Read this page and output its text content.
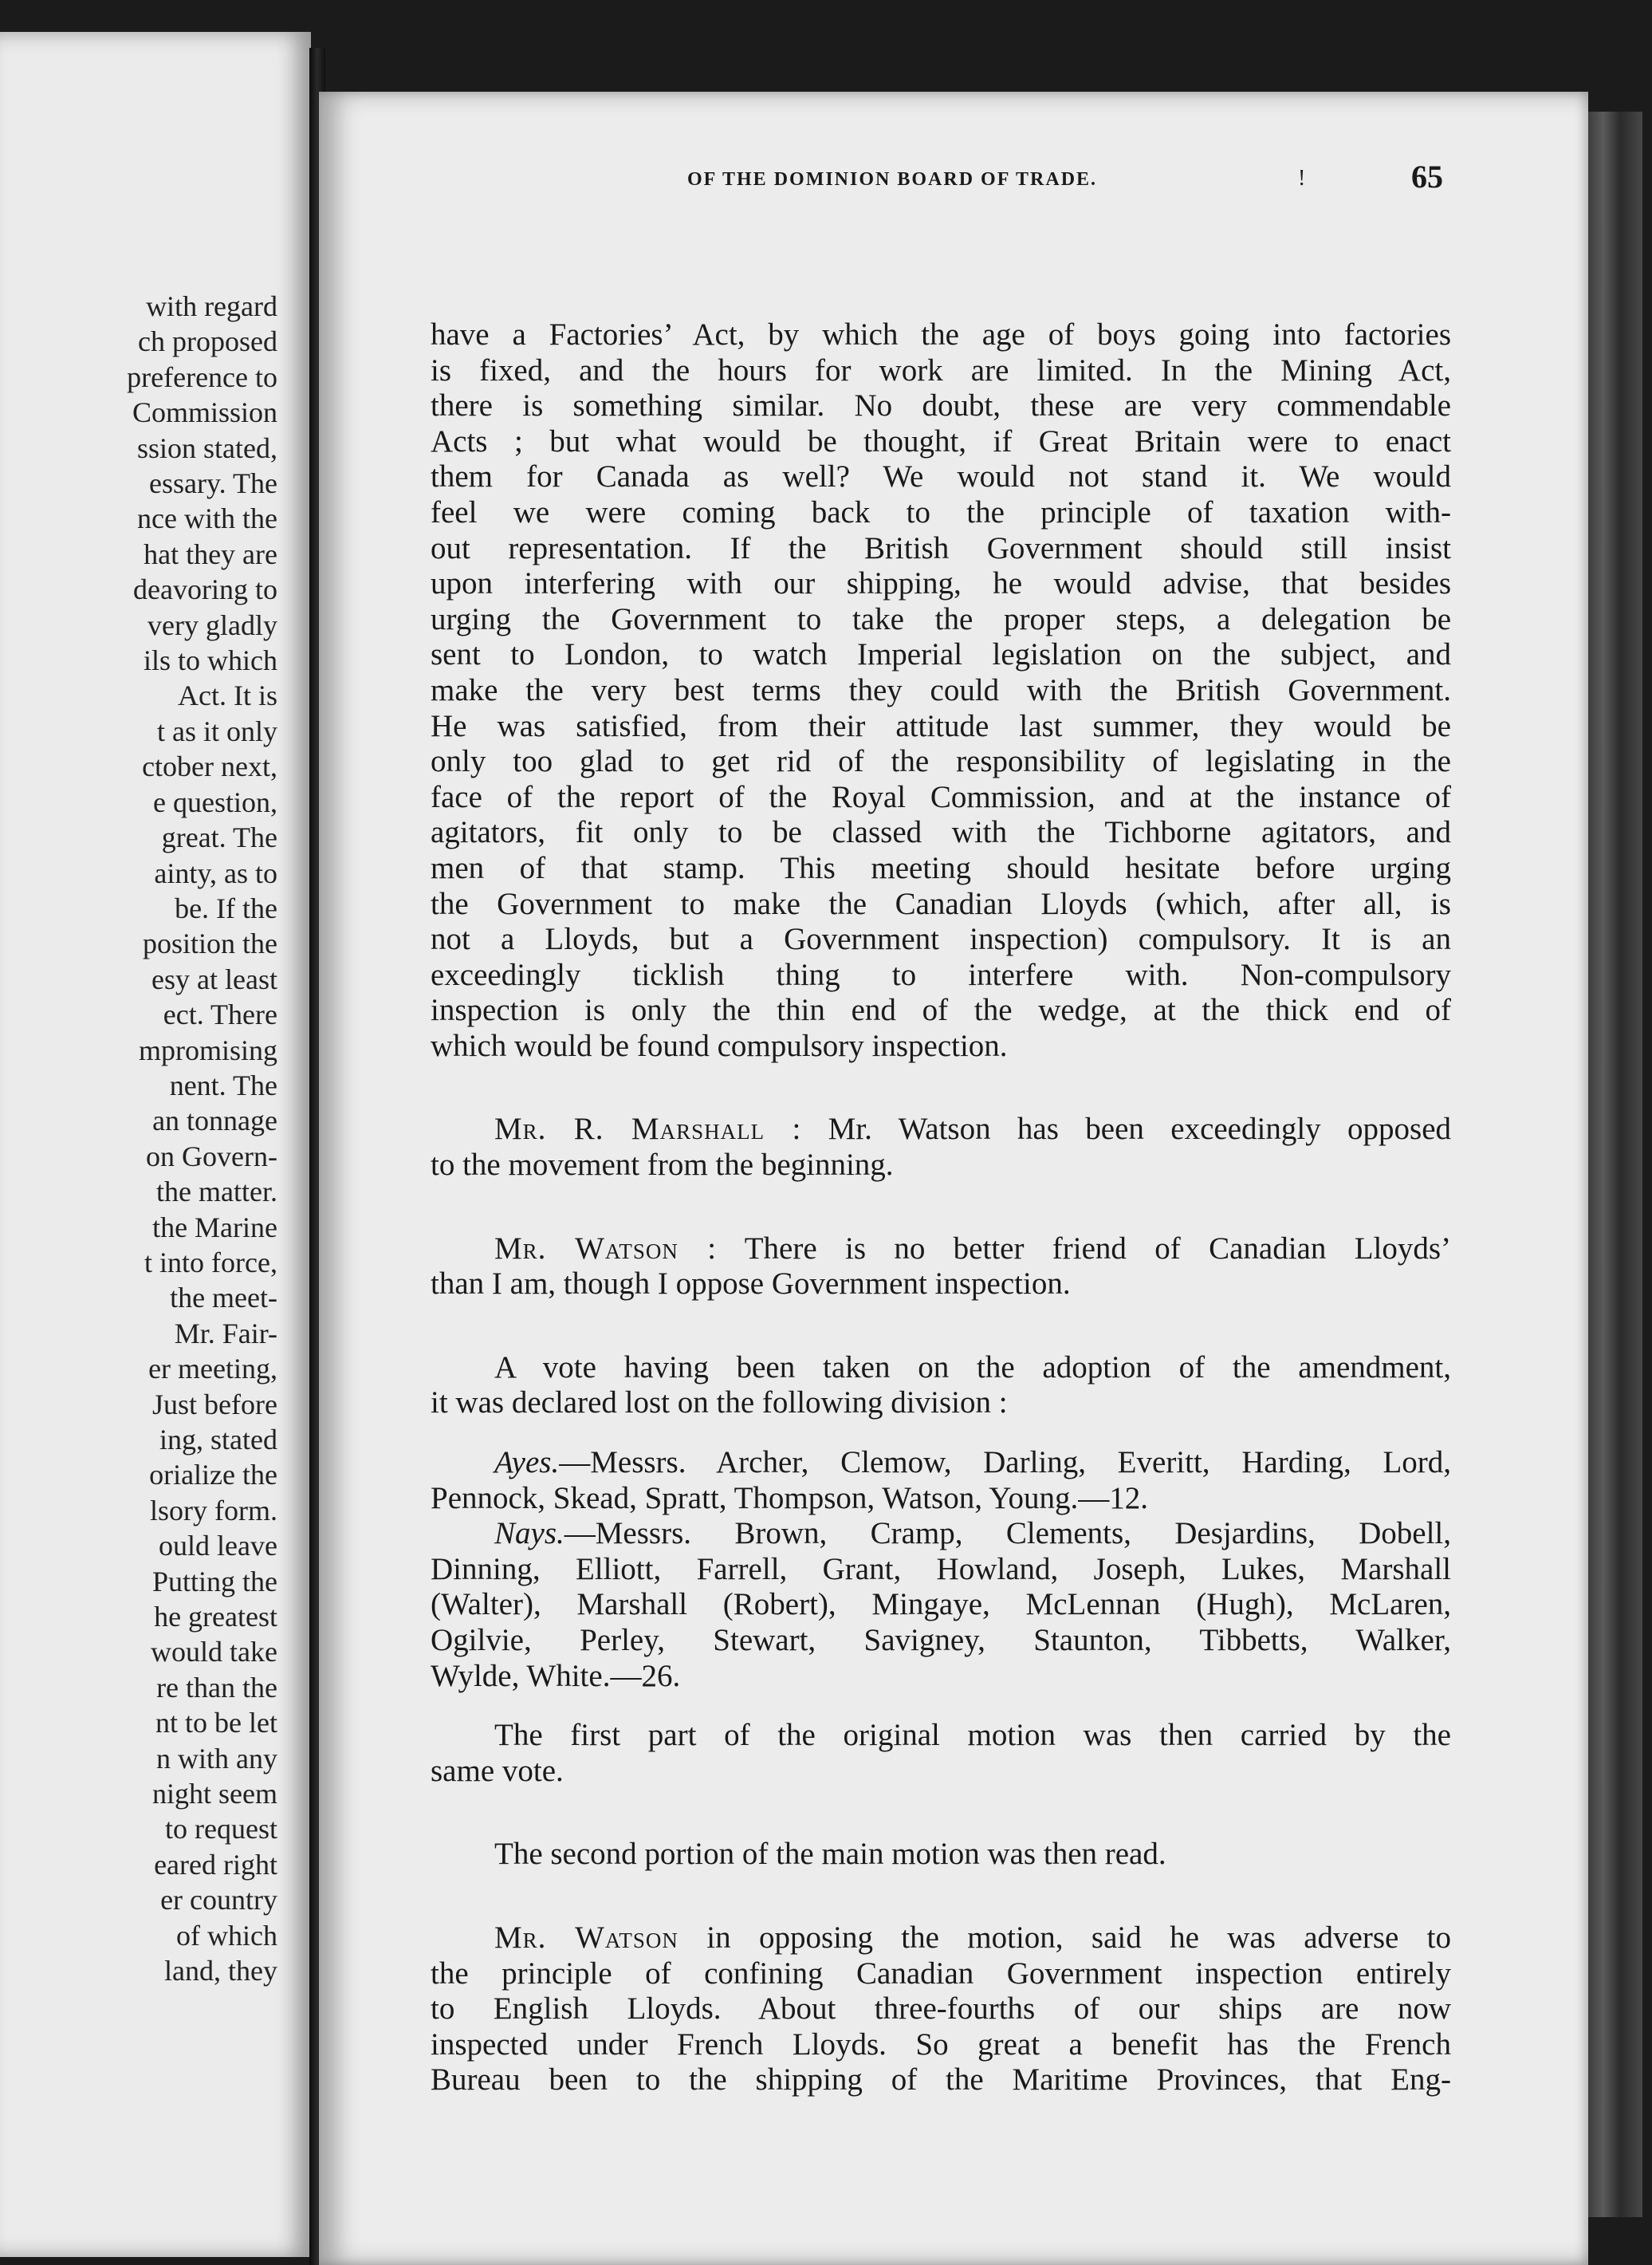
with regard
ch proposed
preference to
Commission
ssion stated,
essary. The
nce with the
hat they are
deavoring to
very gladly
ils to which
Act. It is
t as it only
ctober next,
e question,
great. The
ainty, as to
be. If the
position the
esy at least
ect. There
mpromising
nent. The
an tonnage
on Govern-
the matter.
the Marine
t into force,
the meet-
Mr. Fair-
er meeting,
Just before
ing, stated
orialize the
lsory form.
ould leave
Putting the
he greatest
would take
re than the
nt to be let
n with any
night seem
to request
eared right
er country
of which
land, they
OF THE DOMINION BOARD OF TRADE.	!	65
have a Factories’ Act, by which the age of boys going into factories
is fixed, and the hours for work are limited. In the Mining Act,
there is something similar. No doubt, these are very commendable
Acts ; but what would be thought, if Great Britain were to enact
them for Canada as well? We would not stand it. We would
feel we were coming back to the principle of taxation with-
out representation. If the British Government should still insist
upon interfering with our shipping, he would advise, that besides
urging the Government to take the proper steps, a delegation be
sent to London, to watch Imperial legislation on the subject, and
make the very best terms they could with the British Government.
He was satisfied, from their attitude last summer, they would be
only too glad to get rid of the responsibility of legislating in the
face of the report of the Royal Commission, and at the instance of
agitators, fit only to be classed with the Tichborne agitators, and
men of that stamp. This meeting should hesitate before urging
the Government to make the Canadian Lloyds (which, after all, is
not a Lloyds, but a Government inspection) compulsory. It is an
exceedingly ticklish thing to interfere with. Non-compulsory
inspection is only the thin end of the wedge, at the thick end of
which would be found compulsory inspection.
Mr. R. Marshall : Mr. Watson has been exceedingly opposed
to the movement from the beginning.
Mr. Watson : There is no better friend of Canadian Lloyds’
than I am, though I oppose Government inspection.
A vote having been taken on the adoption of the amendment,
it was declared lost on the following division :
Ayes.—Messrs. Archer, Clemow, Darling, Everitt, Harding, Lord,
Pennock, Skead, Spratt, Thompson, Watson, Young.—12.
Nays.—Messrs. Brown, Cramp, Clements, Desjardins, Dobell,
Dinning, Elliott, Farrell, Grant, Howland, Joseph, Lukes, Marshall
(Walter), Marshall (Robert), Mingaye, McLennan (Hugh), McLaren,
Ogilvie, Perley, Stewart, Savigney, Staunton, Tibbetts, Walker,
Wylde, White.—26.
The first part of the original motion was then carried by the
same vote.
The second portion of the main motion was then read.
Mr. Watson in opposing the motion, said he was adverse to
the principle of confining Canadian Government inspection entirely
to English Lloyds. About three-fourths of our ships are now
inspected under French Lloyds. So great a benefit has the French
Bureau been to the shipping of the Maritime Provinces, that Eng-
